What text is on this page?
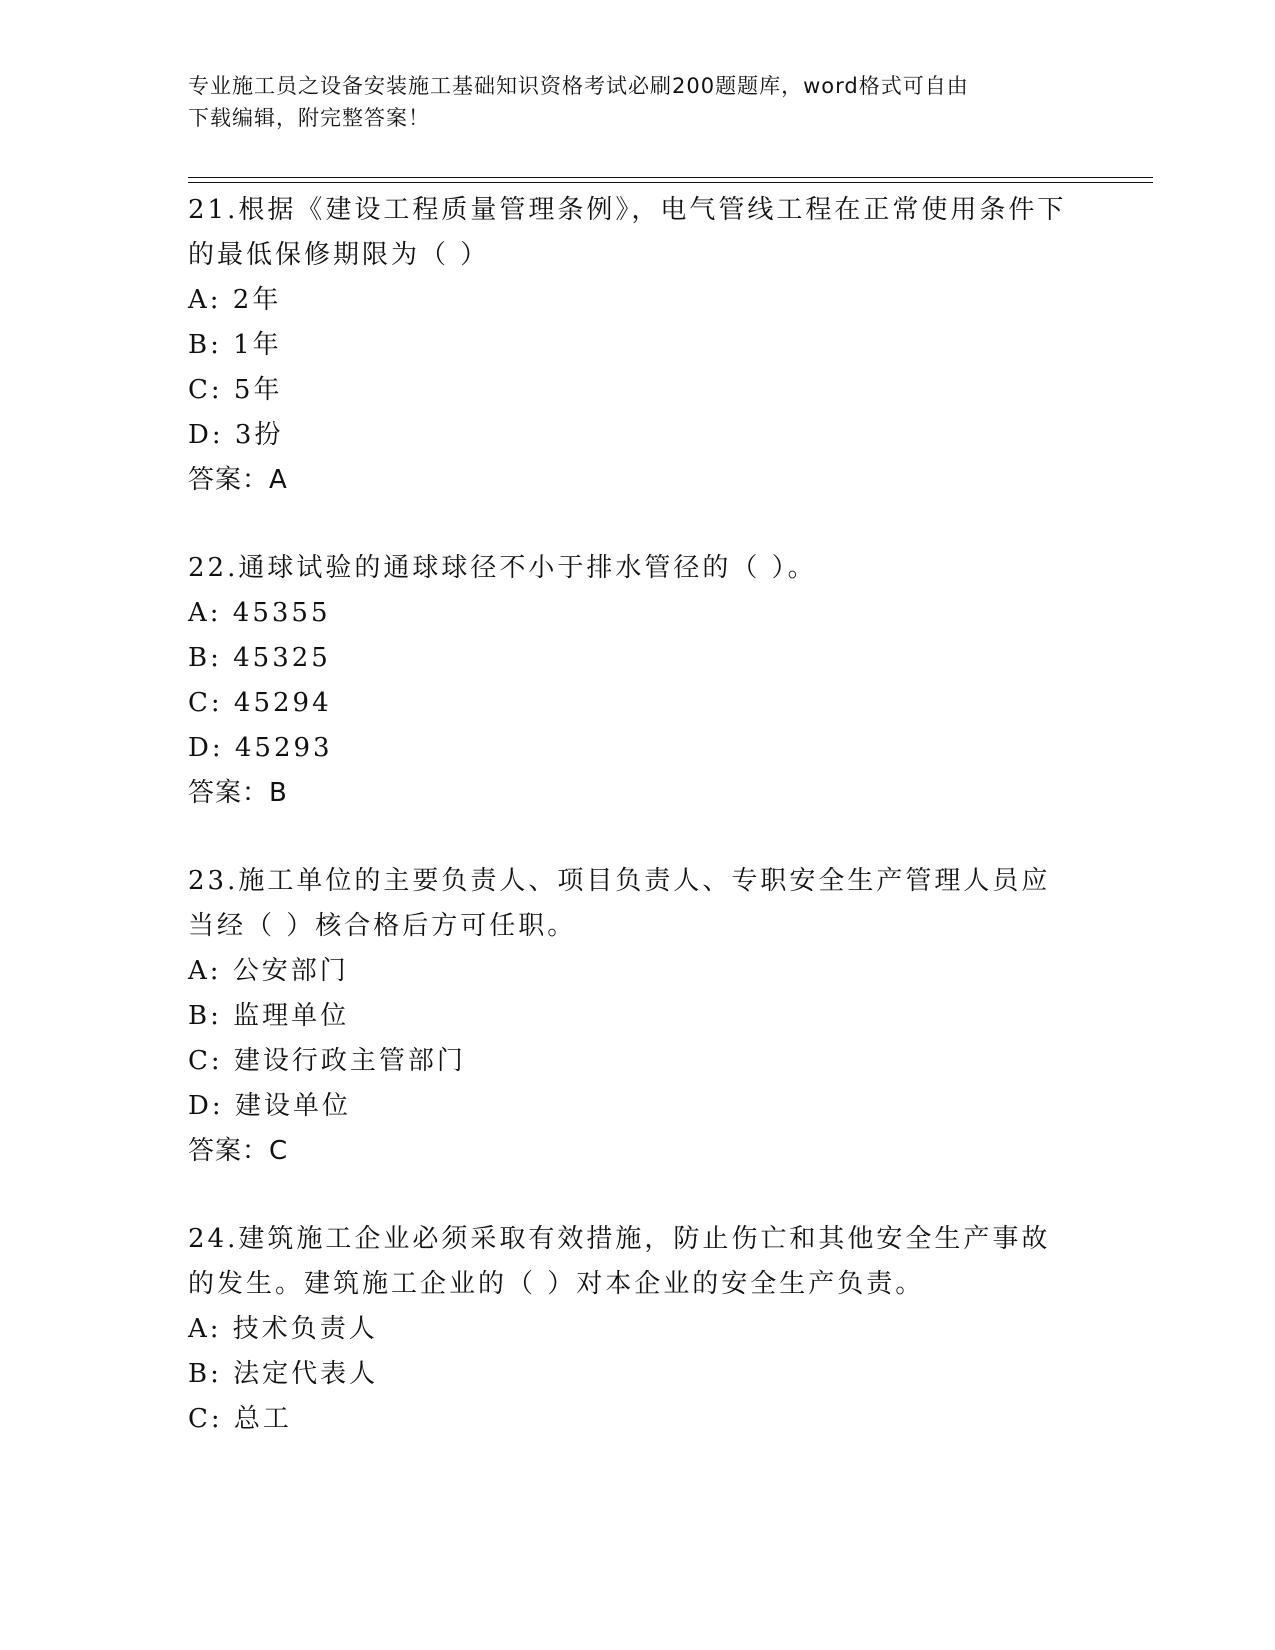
专业施工员之设备安装施工基础知识资格考试必刷200题题库，word格式可自由
下载编辑，附完整答案！
21.根据《建设工程质量管理条例》，电气管线工程在正常使用条件下的最低保修期限为（ ）
A: 2年
B: 1年
C: 5年
D: 3扮
答案：A
22.通球试验的通球球径不小于排水管径的（ ）。
A: 45355
B: 45325
C: 45294
D: 45293
答案：B
23.施工单位的主要负责人、项目负责人、专职安全生产管理人员应当经（ ）核合格后方可任职。
A: 公安部门
B: 监理单位
C: 建设行政主管部门
D: 建设单位
答案：C
24.建筑施工企业必须采取有效措施，防止伤亡和其他安全生产事故的发生。建筑施工企业的（ ）对本企业的安全生产负责。
A: 技术负责人
B: 法定代表人
C: 总工
